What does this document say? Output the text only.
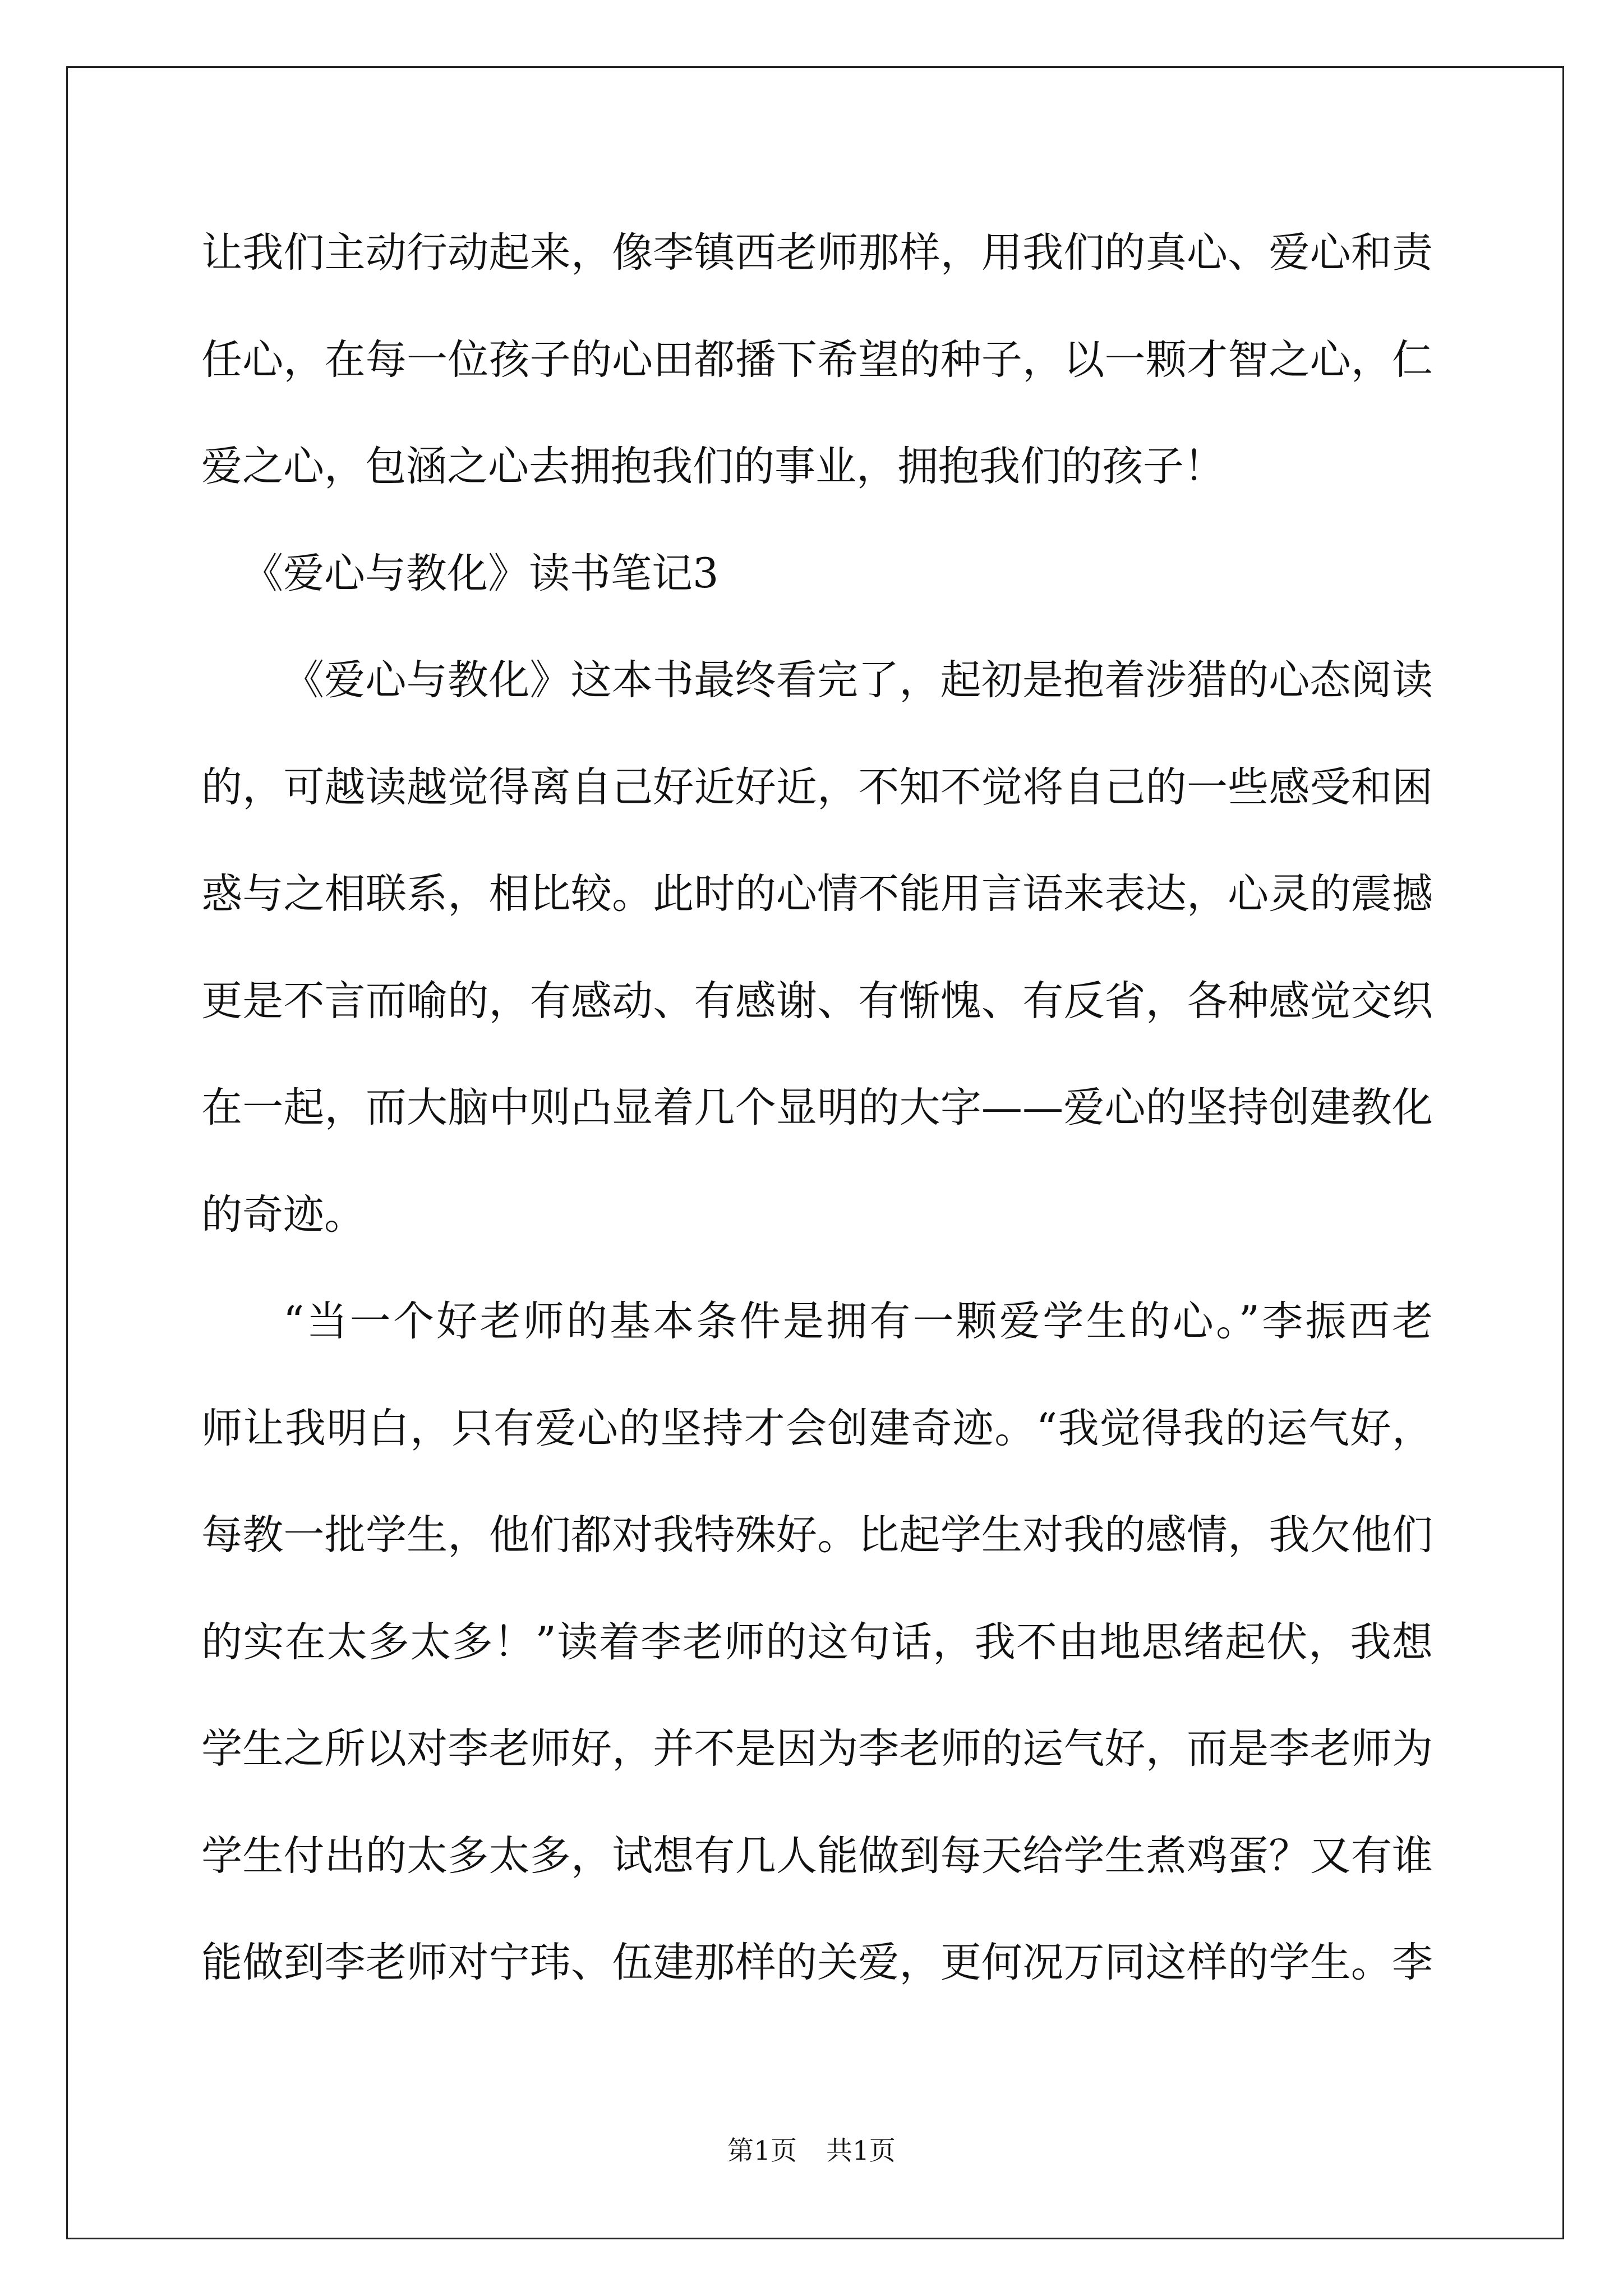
让我们主动行动起来，像李镇西老师那样，用我们的真心、爱心和责
任心，在每一位孩子的心田都播下希望的种子，以一颗才智之心，仁
爱之心，包涵之心去拥抱我们的事业，拥抱我们的孩子！
《爱心与教化》读书笔记3
《爱心与教化》这本书最终看完了，起初是抱着涉猎的心态阅读
的，可越读越觉得离自己好近好近，不知不觉将自己的一些感受和困
惑与之相联系，相比较。此时的心情不能用言语来表达，心灵的震撼
更是不言而喻的，有感动、有感谢、有惭愧、有反省，各种感觉交织
在一起，而大脑中则凸显着几个显明的大字——爱心的坚持创建教化
的奇迹。
“当一个好老师的基本条件是拥有一颗爱学生的心。”李振西老
师让我明白，只有爱心的坚持才会创建奇迹。“我觉得我的运气好，
每教一批学生，他们都对我特殊好。比起学生对我的感情，我欠他们
的实在太多太多！”读着李老师的这句话，我不由地思绪起伏，我想
学生之所以对李老师好，并不是因为李老师的运气好，而是李老师为
学生付出的太多太多，试想有几人能做到每天给学生煮鸡蛋？又有谁
能做到李老师对宁玮、伍建那样的关爱，更何况万同这样的学生。李
第1页 共1页
